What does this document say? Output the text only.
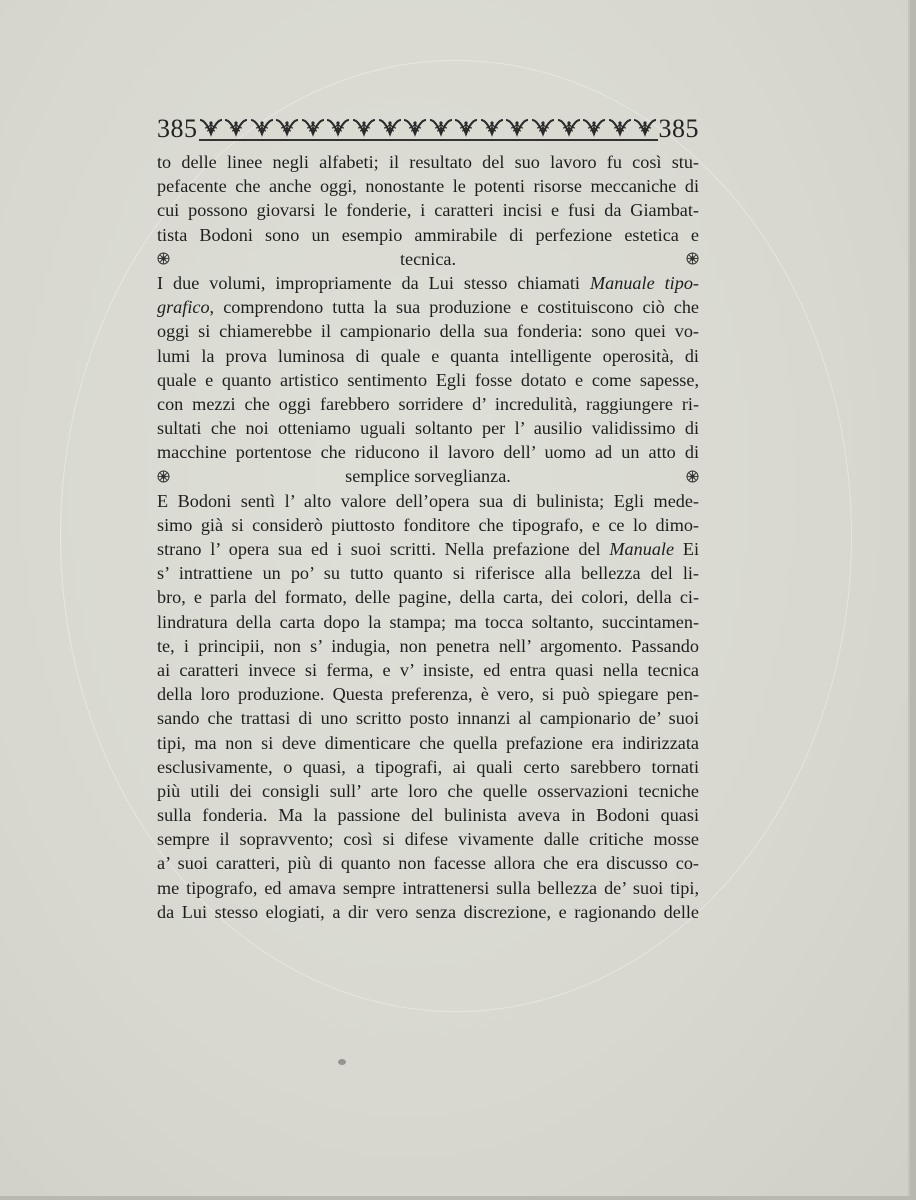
385	385
to delle linee negli alfabeti; il resultato del suo lavoro fu così stu-
pefacente che anche oggi, nonostante le potenti risorse meccaniche di
cui possono giovarsi le fonderie, i caratteri incisi e fusi da Giambat-
tista Bodoni sono un esempio ammirabile di perfezione estetica e
tecnica.
I due volumi, impropriamente da Lui stesso chiamati Manuale tipo-
grafico, comprendono tutta la sua produzione e costituiscono ciò che
oggi si chiamerebbe il campionario della sua fonderia: sono quei vo-
lumi la prova luminosa di quale e quanta intelligente operosità, di
quale e quanto artistico sentimento Egli fosse dotato e come sapesse,
con mezzi che oggi farebbero sorridere d’ incredulità, raggiungere ri-
sultati che noi otteniamo uguali soltanto per l’ ausilio validissimo di
macchine portentose che riducono il lavoro dell’ uomo ad un atto di
semplice sorveglianza.
E Bodoni sentì l’ alto valore dell’opera sua di bulinista; Egli mede-
simo già si considerò piuttosto fonditore che tipografo, e ce lo dimo-
strano l’ opera sua ed i suoi scritti. Nella prefazione del Manuale Ei
s’ intrattiene un po’ su tutto quanto si riferisce alla bellezza del li-
bro, e parla del formato, delle pagine, della carta, dei colori, della ci-
lindratura della carta dopo la stampa; ma tocca soltanto, succintamen-
te, i principii, non s’ indugia, non penetra nell’ argomento. Passando
ai caratteri invece si ferma, e v’ insiste, ed entra quasi nella tecnica
della loro produzione. Questa preferenza, è vero, si può spiegare pen-
sando che trattasi di uno scritto posto innanzi al campionario de’ suoi
tipi, ma non si deve dimenticare che quella prefazione era indirizzata
esclusivamente, o quasi, a tipografi, ai quali certo sarebbero tornati
più utili dei consigli sull’ arte loro che quelle osservazioni tecniche
sulla fonderia. Ma la passione del bulinista aveva in Bodoni quasi
sempre il sopravvento; così si difese vivamente dalle critiche mosse
a’ suoi caratteri, più di quanto non facesse allora che era discusso co-
me tipografo, ed amava sempre intrattenersi sulla bellezza de’ suoi tipi,
da Lui stesso elogiati, a dir vero senza discrezione, e ragionando delle
